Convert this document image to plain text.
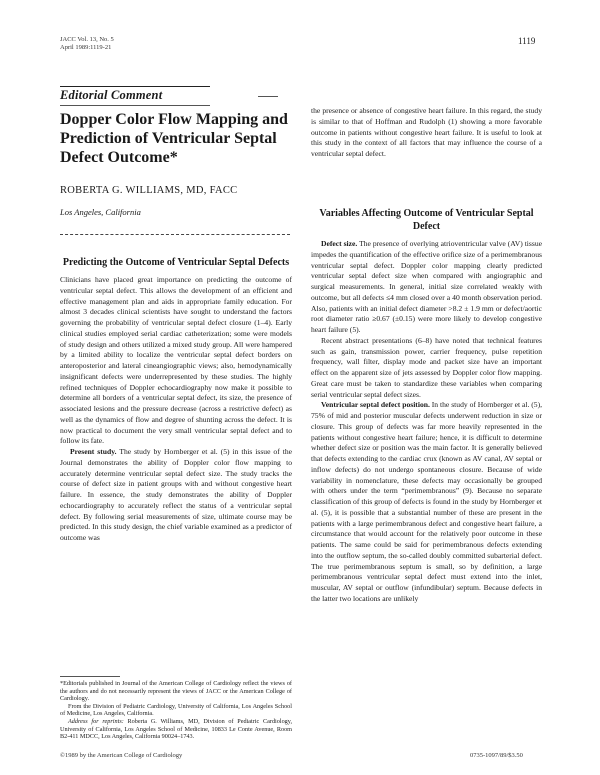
JACC Vol. 13, No. 5
April 1989:1119-21
1119
Editorial Comment
Dopper Color Flow Mapping and Prediction of Ventricular Septal Defect Outcome*
ROBERTA G. WILLIAMS, MD, FACC
Los Angeles, California
Predicting the Outcome of Ventricular Septal Defects

Clinicians have placed great importance on predicting the outcome of ventricular septal defect. This allows the development of an efficient and effective management plan and aids in appropriate family education. For almost 3 decades clinical scientists have sought to understand the factors governing the probability of ventricular septal defect closure (1–4). Early clinical studies employed serial cardiac catheterization; some were models of study design and others utilized a mixed study group. All were hampered by a limited ability to localize the ventricular septal defect borders on anteroposterior and lateral cineangiographic views; also, hemodynamically insignificant defects were underrepresented by these studies. The highly refined techniques of Doppler echocardiography now make it possible to determine all borders of a ventricular septal defect, its size, the presence of associated lesions and the pressure decrease (across a restrictive defect) as well as the dynamics of flow and degree of shunting across the defect. It is now practical to document the very small ventricular septal defect and to follow its fate.

Present study. The study by Hornberger et al. (5) in this issue of the Journal demonstrates the ability of Doppler color flow mapping to accurately determine ventricular septal defect size. The study tracks the course of defect size in patient groups with and without congestive heart failure. In essence, the study demonstrates the ability of Doppler echocardiography to accurately reflect the status of a ventricular septal defect. By following serial measurements of size, ultimate course may be predicted. In this study design, the chief variable examined as a predictor of outcome was

*Editorials published in Journal of the American College of Cardiology reflect the views of the authors and do not necessarily represent the views of JACC or the American College of Cardiology.

From the Division of Pediatric Cardiology, University of California, Los Angeles School of Medicine, Los Angeles, California.

Address for reprints: Roberta G. Williams, MD, Division of Pediatric Cardiology, University of California, Los Angeles School of Medicine, 10833 Le Conte Avenue, Room B2-411 MDCC, Los Angeles, California 90024–1743.

the presence or absence of congestive heart failure. In this regard, the study is similar to that of Hoffman and Rudolph (1) showing a more favorable outcome in patients without congestive heart failure. It is useful to look at this study in the context of all factors that may influence the course of a ventricular septal defect.

Variables Affecting Outcome of Ventricular Septal Defect

Defect size. The presence of overlying atrioventricular valve (AV) tissue impedes the quantification of the effective orifice size of a perimembranous ventricular septal defect. Doppler color mapping clearly predicted ventricular septal defect size when compared with angiographic and surgical measurements. In general, initial size correlated weakly with outcome, but all defects ≤4 mm closed over a 40 month observation period. Also, patients with an initial defect diameter >8.2 ± 1.9 mm or defect/aortic root diameter ratio ≥0.67 (±0.15) were more likely to develop congestive heart failure (5).

Recent abstract presentations (6–8) have noted that technical features such as gain, transmission power, carrier frequency, pulse repetition frequency, wall filter, display mode and packet size have an important effect on the apparent size of jets assessed by Doppler color flow mapping. Great care must be taken to standardize these variables when comparing serial ventricular septal defect sizes.

Ventricular septal defect position. In the study of Hornberger et al. (5), 75% of mid and posterior muscular defects underwent reduction in size or closure. This group of defects was far more heavily represented in the patients without congestive heart failure; hence, it is difficult to determine whether defect size or position was the main factor. It is generally believed that defects extending to the cardiac crux (known as AV canal, AV septal or inflow defects) do not undergo spontaneous closure. Because of wide variability in nomenclature, these defects may occasionally be grouped with others under the term “perimembranous” (9). Because no separate classification of this group of defects is found in the study by Hornberger et al. (5), it is possible that a substantial number of these are present in the patients with a large perimembranous defect and congestive heart failure, a circumstance that would account for the relatively poor outcome in these patients. The same could be said for perimembranous defects extending into the outflow septum, the so-called doubly committed subarterial defect. The true perimembranous septum is small, so by definition, a large perimembranous ventricular septal defect must extend into the inlet, muscular, AV septal or outflow (infundibular) septum. Because defects in the latter two locations are unlikely

©1989 by the American College of Cardiology	0735-1097/89/$3.50
